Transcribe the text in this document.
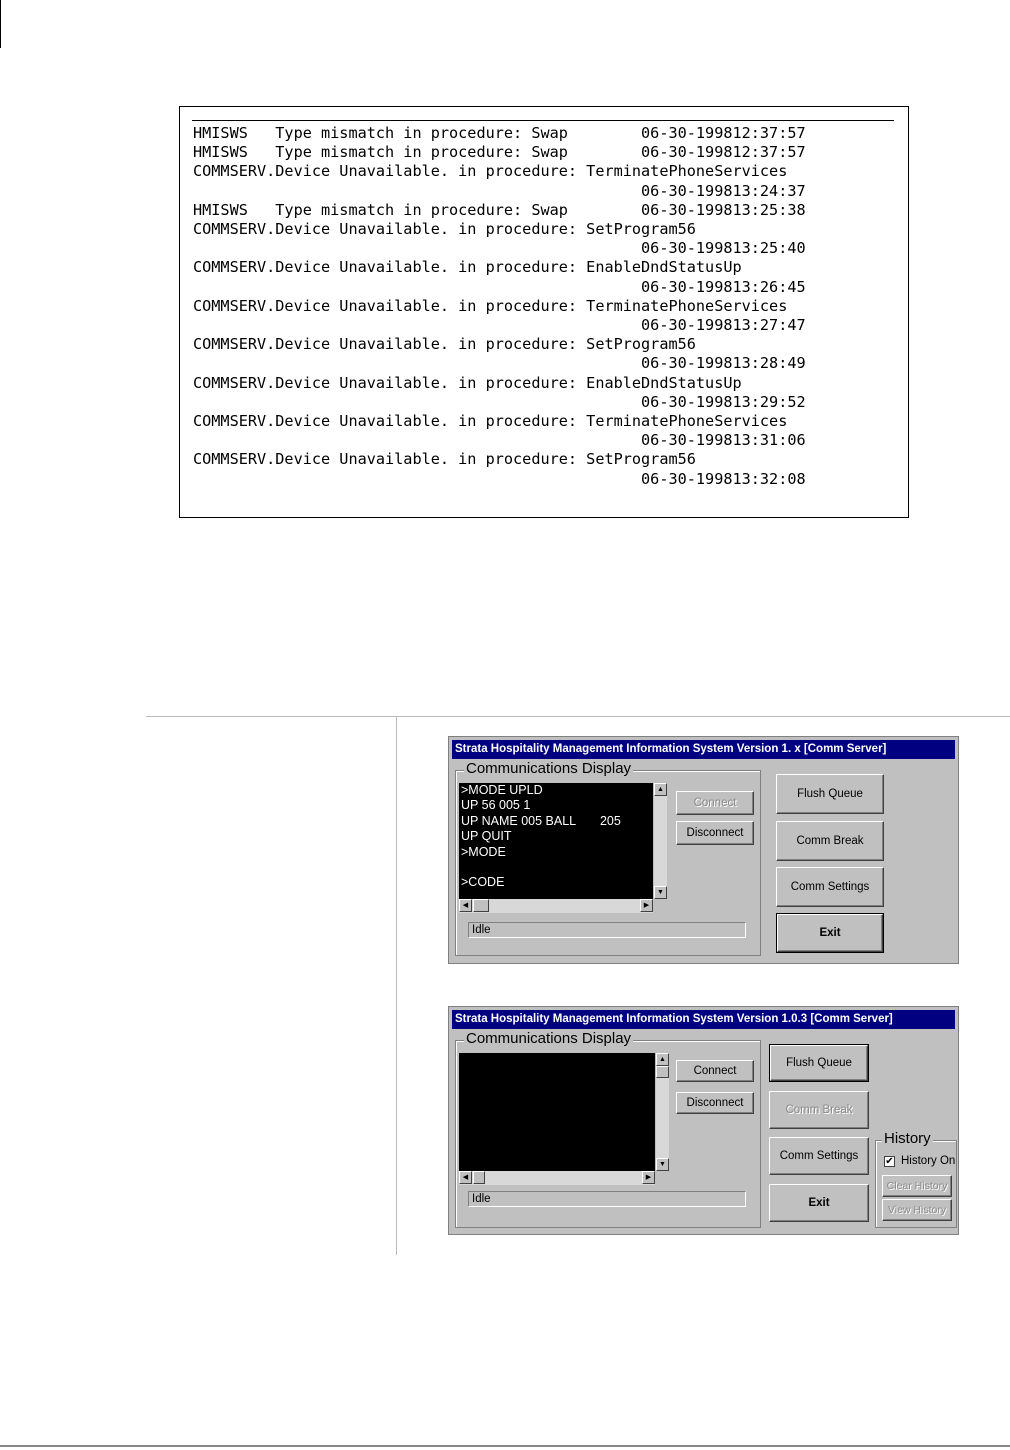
HMISWS   Type mismatch in procedure: Swap        06-30-199812:37:57
HMISWS   Type mismatch in procedure: Swap        06-30-199812:37:57
COMMSERV.Device Unavailable. in procedure: TerminatePhoneServices
06-30-199813:24:37
HMISWS   Type mismatch in procedure: Swap        06-30-199813:25:38
COMMSERV.Device Unavailable. in procedure: SetProgram56
06-30-199813:25:40
COMMSERV.Device Unavailable. in procedure: EnableDndStatusUp
06-30-199813:26:45
COMMSERV.Device Unavailable. in procedure: TerminatePhoneServices
06-30-199813:27:47
COMMSERV.Device Unavailable. in procedure: SetProgram56
06-30-199813:28:49
COMMSERV.Device Unavailable. in procedure: EnableDndStatusUp
06-30-199813:29:52
COMMSERV.Device Unavailable. in procedure: TerminatePhoneServices
06-30-199813:31:06
COMMSERV.Device Unavailable. in procedure: SetProgram56
06-30-199813:32:08
Strata Hospitality Management Information System Version 1. x [Comm Server]
Communications Display
>MODE UPLD
UP 56 005 1
UP NAME 005 BALL       205
UP QUIT
>MODE

>CODE
▲
▼
◀	▶
Idle
Connect
Disconnect
Flush Queue
Comm Break
Comm Settings
Exit
Strata Hospitality Management Information System Version 1.0.3 [Comm Server]
Communications Display
▲
▼
◀	▶
Idle
Connect
Disconnect
Flush Queue
Comm Break
Comm Settings
Exit
History
✔ History On
Clear History
View History
